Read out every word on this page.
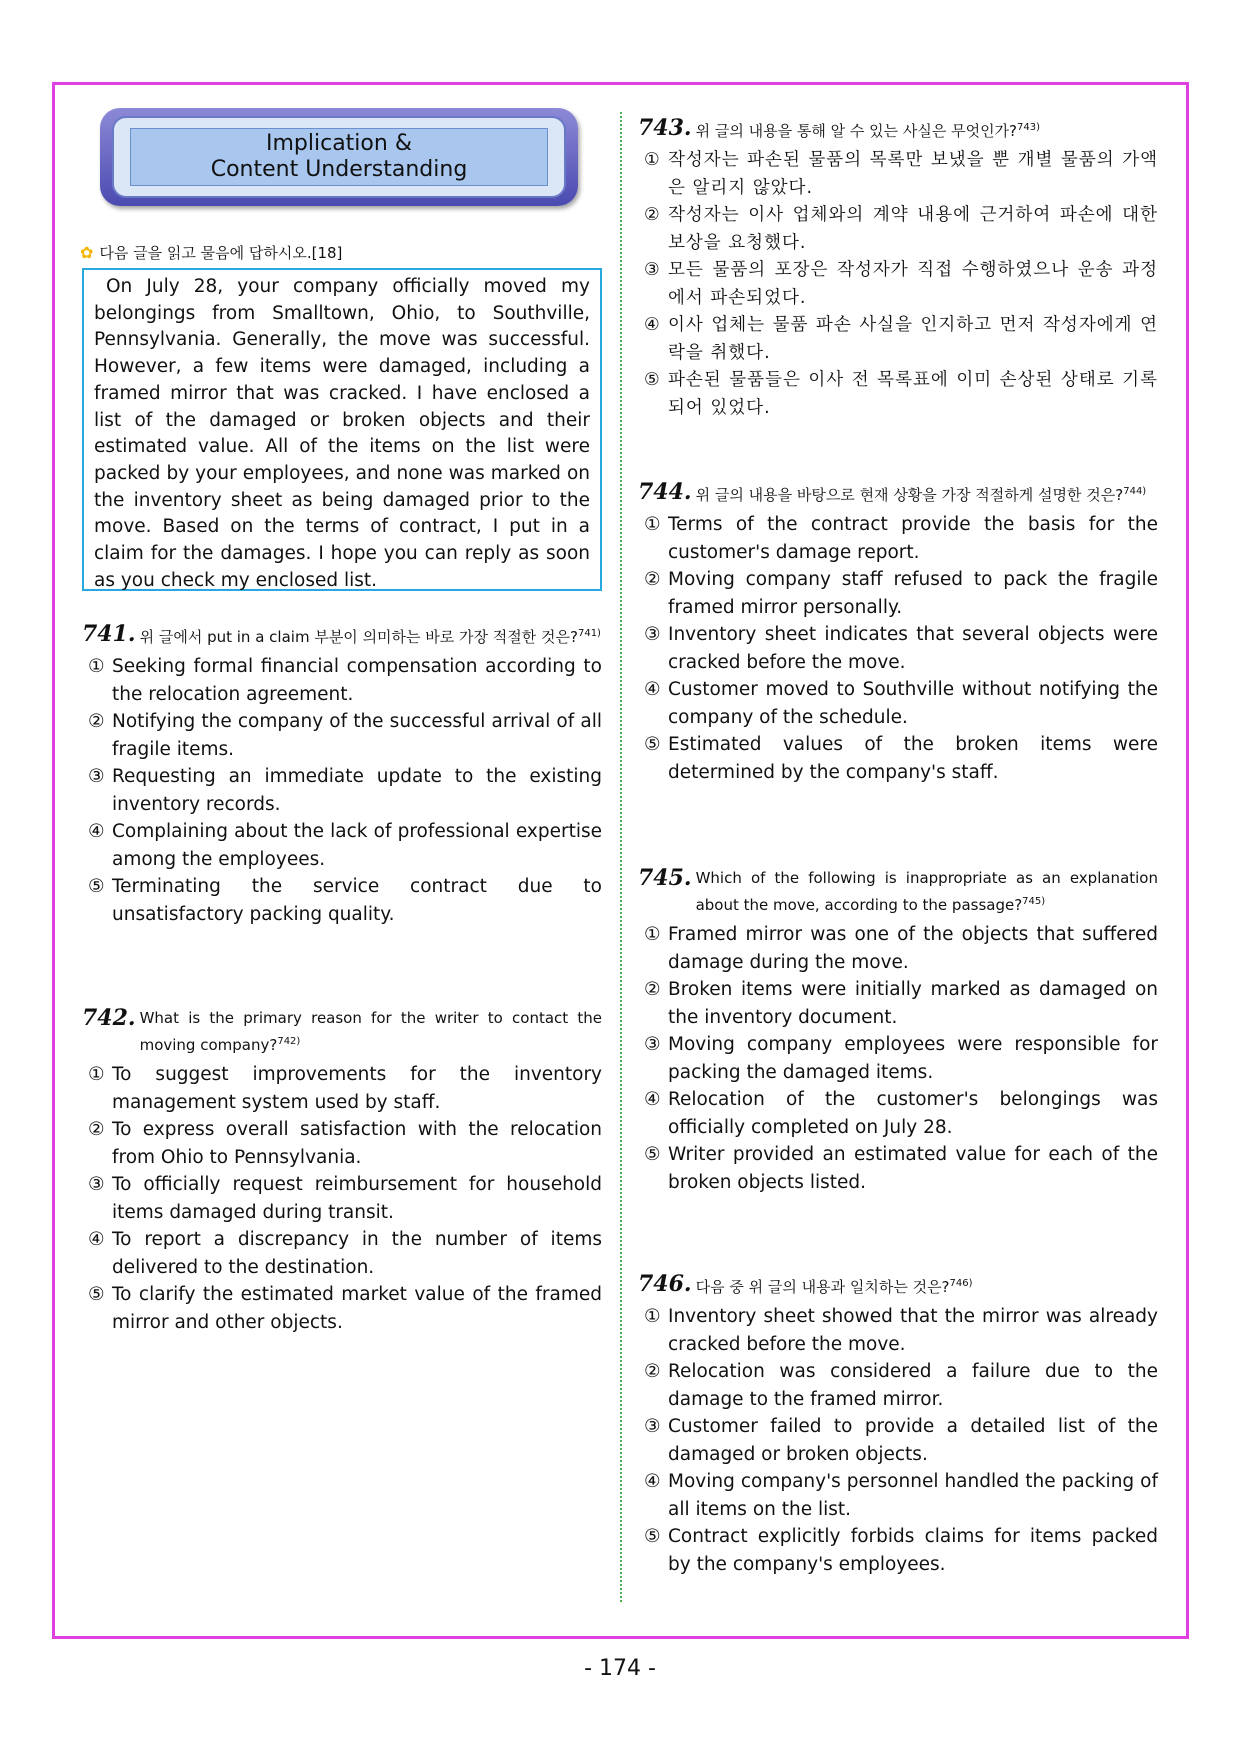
Implication &
Content Understanding
✿ 다음 글을 읽고 물음에 답하시오.[18]
On July 28, your company officially moved my belongings from Smalltown, Ohio, to Southville, Pennsylvania. Generally, the move was successful. However, a few items were damaged, including a framed mirror that was cracked. I have enclosed a list of the damaged or broken objects and their estimated value. All of the items on the list were packed by your employees, and none was marked on the inventory sheet as being damaged prior to the move. Based on the terms of contract, I put in a claim for the damages. I hope you can reply as soon as you check my enclosed list.
741. 위 글에서 put in a claim 부분이 의미하는 바로 가장 적절한 것은?$^{741)}$
① Seeking formal financial compensation according to the relocation agreement.
② Notifying the company of the successful arrival of all fragile items.
③ Requesting an immediate update to the existing inventory records.
④ Complaining about the lack of professional expertise among the employees.
⑤ Terminating the service contract due to unsatisfactory packing quality.
742. What is the primary reason for the writer to contact the moving company?$^{742)}$
① To suggest improvements for the inventory management system used by staff.
② To express overall satisfaction with the relocation from Ohio to Pennsylvania.
③ To officially request reimbursement for household items damaged during transit.
④ To report a discrepancy in the number of items delivered to the destination.
⑤ To clarify the estimated market value of the framed mirror and other objects.
743. 위 글의 내용을 통해 알 수 있는 사실은 무엇인가?$^{743)}$
① 작성자는 파손된 물품의 목록만 보냈을 뿐 개별 물품의 가액은 알리지 않았다.
② 작성자는 이사 업체와의 계약 내용에 근거하여 파손에 대한 보상을 요청했다.
③ 모든 물품의 포장은 작성자가 직접 수행하였으나 운송 과정에서 파손되었다.
④ 이사 업체는 물품 파손 사실을 인지하고 먼저 작성자에게 연락을 취했다.
⑤ 파손된 물품들은 이사 전 목록표에 이미 손상된 상태로 기록되어 있었다.
744. 위 글의 내용을 바탕으로 현재 상황을 가장 적절하게 설명한 것은?$^{744)}$
① Terms of the contract provide the basis for the customer's damage report.
② Moving company staff refused to pack the fragile framed mirror personally.
③ Inventory sheet indicates that several objects were cracked before the move.
④ Customer moved to Southville without notifying the company of the schedule.
⑤ Estimated values of the broken items were determined by the company's staff.
745. Which of the following is inappropriate as an explanation about the move, according to the passage?$^{745)}$
① Framed mirror was one of the objects that suffered damage during the move.
② Broken items were initially marked as damaged on the inventory document.
③ Moving company employees were responsible for packing the damaged items.
④ Relocation of the customer's belongings was officially completed on July 28.
⑤ Writer provided an estimated value for each of the broken objects listed.
746. 다음 중 위 글의 내용과 일치하는 것은?$^{746)}$
① Inventory sheet showed that the mirror was already cracked before the move.
② Relocation was considered a failure due to the damage to the framed mirror.
③ Customer failed to provide a detailed list of the damaged or broken objects.
④ Moving company's personnel handled the packing of all items on the list.
⑤ Contract explicitly forbids claims for items packed by the company's employees.
- 174 -
